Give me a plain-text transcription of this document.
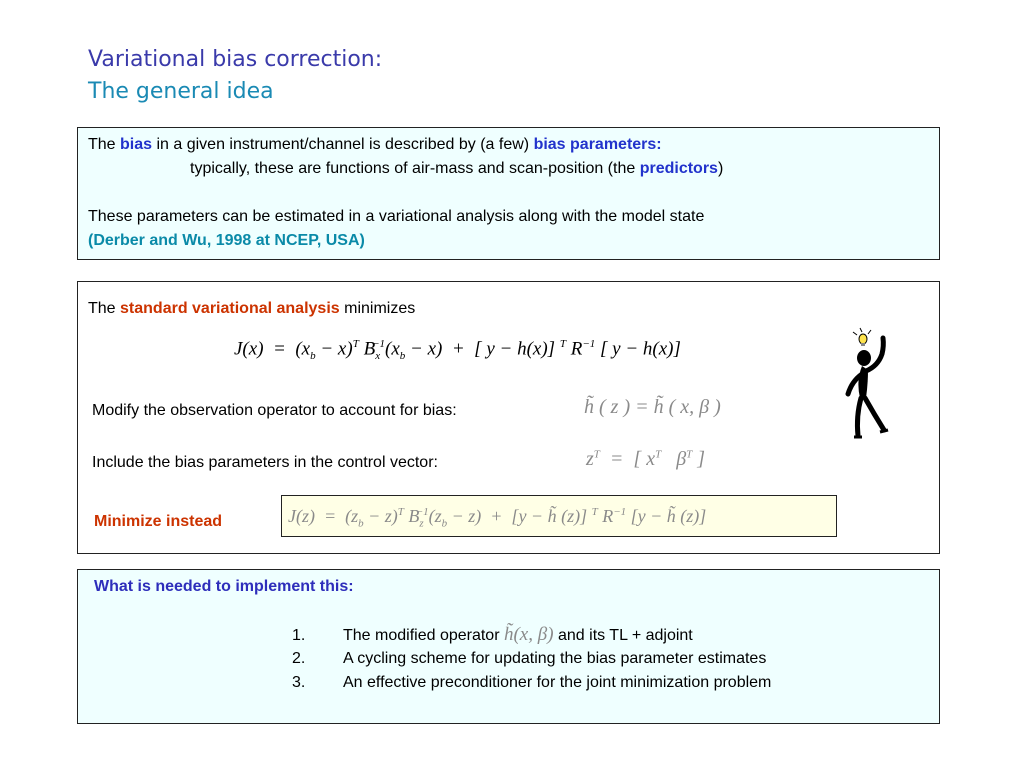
Variational bias correction:
The general idea
The bias in a given instrument/channel is described by (a few) bias parameters:
typically, these are functions of air-mass and scan-position (the predictors)
These parameters can be estimated in a variational analysis along with the model state
(Derber and Wu, 1998 at NCEP, USA)
The standard variational analysis minimizes
$J(x) = (x_b - x)^T$ $B_x^{-1}(x_b - x)$  +  [ y − h(x)] $^T$ $R^{-1}$ [ y − h(x)]
Modify the observation operator to account for bias:	h̃ ( z ) = h̃ ( x, β )
Include the bias parameters in the control vector:	$z^T$  =  [ $x^T$   $\beta^T$ ]
Minimize instead	$J(z) = (z_b - z)^T$ $B_z^{-1}(z_b - z) + [y$ − h̃ (z)] $^T$ $R^{-1}$ [y − h̃ (z)]
What is needed to implement this:
1. The modified operator h̃(x, β) and its TL + adjoint
2. A cycling scheme for updating the bias parameter estimates
3. An effective preconditioner for the joint minimization problem
